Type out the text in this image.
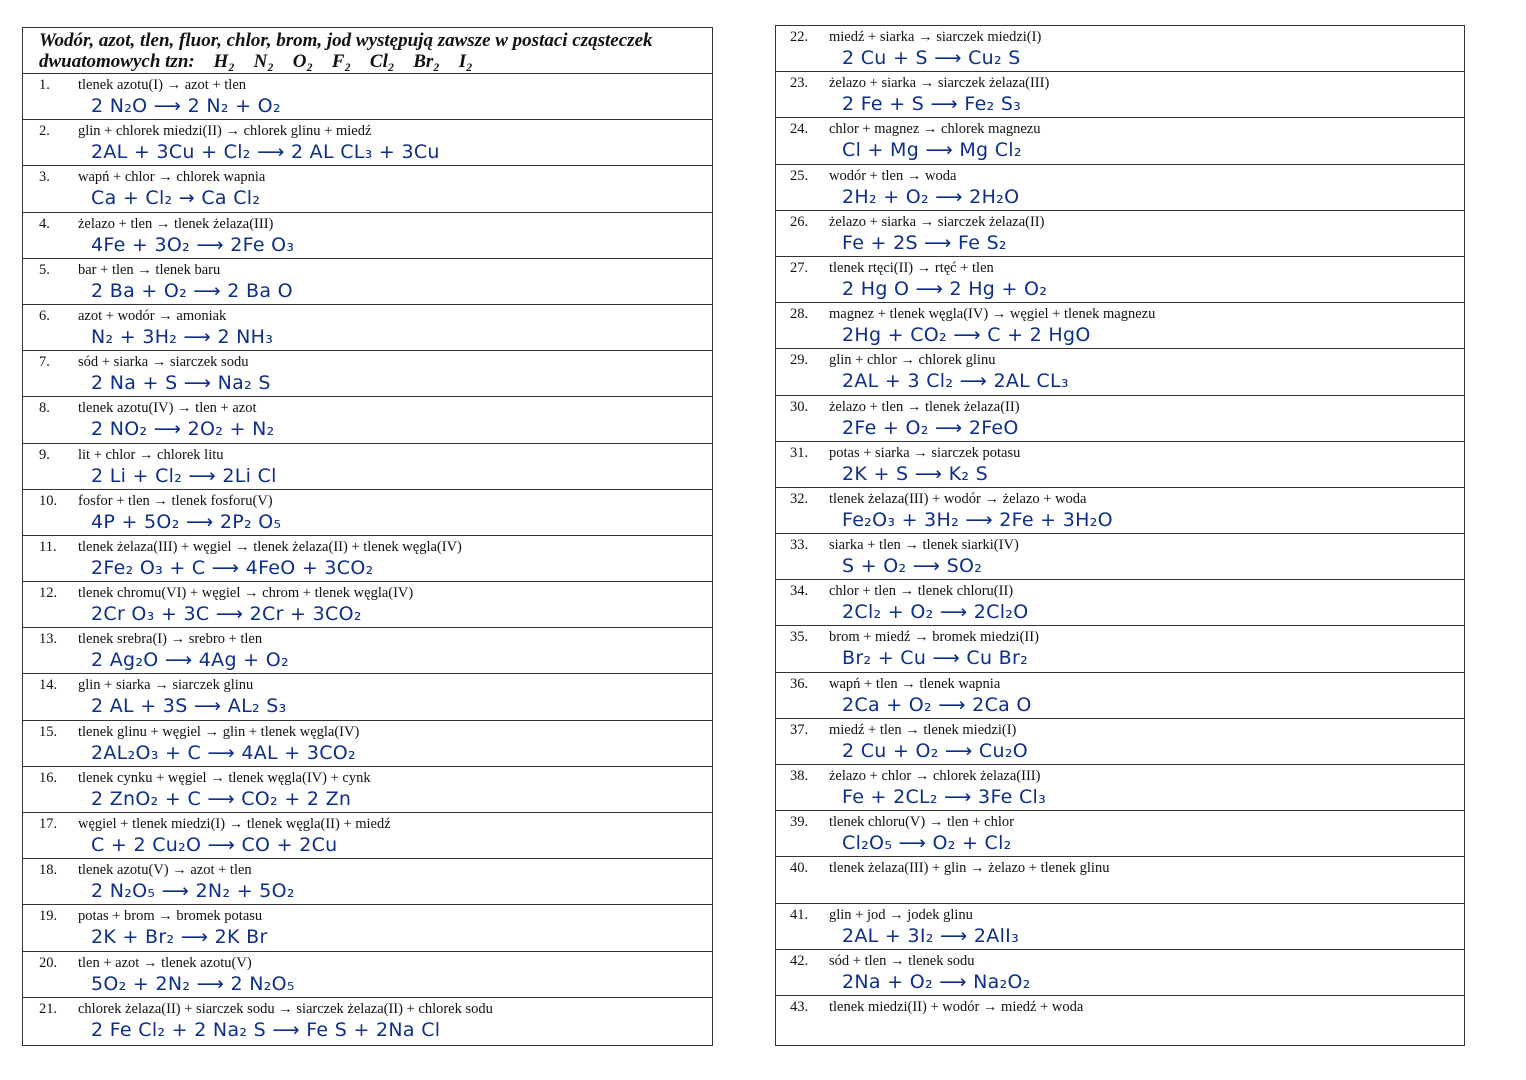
Wodór, azot, tlen, fluor, chlor, brom, jod występują zawsze w postaci cząsteczek
dwuatomowych tzn: H₂ N₂ O₂ F₂ Cl₂ Br₂ I₂
1. tlenek azotu(I) → azot + tlen
2 N₂O ⟶ 2 N₂ + O₂
2. glin + chlorek miedzi(II) → chlorek glinu + miedź
2AL + 3Cu + Cl₂ ⟶ 2 AL CL₃ + 3Cu
3. wapń + chlor → chlorek wapnia
Ca + Cl₂ → Ca Cl₂
4. żelazo + tlen → tlenek żelaza(III)
4Fe + 3O₂ ⟶ 2Fe O₃
5. bar + tlen → tlenek baru
2 Ba + O₂ ⟶ 2 Ba O
6. azot + wodór → amoniak
N₂ + 3H₂ ⟶ 2 NH₃
7. sód + siarka → siarczek sodu
2 Na + S ⟶ Na₂ S
8. tlenek azotu(IV) → tlen + azot
2 NO₂ ⟶ 2O₂ + N₂
9. lit + chlor → chlorek litu
2 Li + Cl₂ ⟶ 2Li Cl
10. fosfor + tlen → tlenek fosforu(V)
4P + 5O₂ ⟶ 2P₂ O₅
11. tlenek żelaza(III) + węgiel → tlenek żelaza(II) + tlenek węgla(IV)
2Fe₂ O₃ + C ⟶ 4FeO + 3CO₂
12. tlenek chromu(VI) + węgiel → chrom + tlenek węgla(IV)
2Cr O₃ + 3C ⟶ 2Cr + 3CO₂
13. tlenek srebra(I) → srebro + tlen
2 Ag₂O ⟶ 4Ag + O₂
14. glin + siarka → siarczek glinu
2 AL + 3S ⟶ AL₂ S₃
15. tlenek glinu + węgiel → glin + tlenek węgla(IV)
2AL₂O₃ + C ⟶ 4AL + 3CO₂
16. tlenek cynku + węgiel → tlenek węgla(IV) + cynk
2 ZnO₂ + C ⟶ CO₂ + 2 Zn
17. węgiel + tlenek miedzi(I) → tlenek węgla(II) + miedź
C + 2 Cu₂O ⟶ CO + 2Cu
18. tlenek azotu(V) → azot + tlen
2 N₂O₅ ⟶ 2N₂ + 5O₂
19. potas + brom → bromek potasu
2K + Br₂ ⟶ 2K Br
20. tlen + azot → tlenek azotu(V)
5O₂ + 2N₂ ⟶ 2 N₂O₅
21. chlorek żelaza(II) + siarczek sodu → siarczek żelaza(II) + chlorek sodu
2 Fe Cl₂ + 2 Na₂ S ⟶ Fe S + 2Na Cl
22. miedź + siarka → siarczek miedzi(I)
2 Cu + S ⟶ Cu₂ S
23. żelazo + siarka → siarczek żelaza(III)
2 Fe + S ⟶ Fe₂ S₃
24. chlor + magnez → chlorek magnezu
Cl + Mg ⟶ Mg Cl₂
25. wodór + tlen → woda
2H₂ + O₂ ⟶ 2H₂O
26. żelazo + siarka → siarczek żelaza(II)
Fe + 2S ⟶ Fe S₂
27. tlenek rtęci(II) → rtęć + tlen
2 Hg O ⟶ 2 Hg + O₂
28. magnez + tlenek węgla(IV) → węgiel + tlenek magnezu
2Hg + CO₂ ⟶ C + 2 HgO
29. glin + chlor → chlorek glinu
2AL + 3 Cl₂ ⟶ 2AL CL₃
30. żelazo + tlen → tlenek żelaza(II)
2Fe + O₂ ⟶ 2FeO
31. potas + siarka → siarczek potasu
2K + S ⟶ K₂ S
32. tlenek żelaza(III) + wodór → żelazo + woda
Fe₂O₃ + 3H₂ ⟶ 2Fe + 3H₂O
33. siarka + tlen → tlenek siarki(IV)
S + O₂ ⟶ SO₂
34. chlor + tlen → tlenek chloru(II)
2Cl₂ + O₂ ⟶ 2Cl₂O
35. brom + miedź → bromek miedzi(II)
Br₂ + Cu ⟶ Cu Br₂
36. wapń + tlen → tlenek wapnia
2Ca + O₂ ⟶ 2Ca O
37. miedź + tlen → tlenek miedzi(I)
2 Cu + O₂ ⟶ Cu₂O
38. żelazo + chlor → chlorek żelaza(III)
Fe + 2CL₂ ⟶ 3Fe Cl₃
39. tlenek chloru(V) → tlen + chlor
Cl₂O₅ ⟶ O₂ + Cl₂
40. tlenek żelaza(III) + glin → żelazo + tlenek glinu
41. glin + jod → jodek glinu
2AL + 3I₂ ⟶ 2AlI₃
42. sód + tlen → tlenek sodu
2Na + O₂ ⟶ Na₂O₂
43. tlenek miedzi(II) + wodór → miedź + woda
